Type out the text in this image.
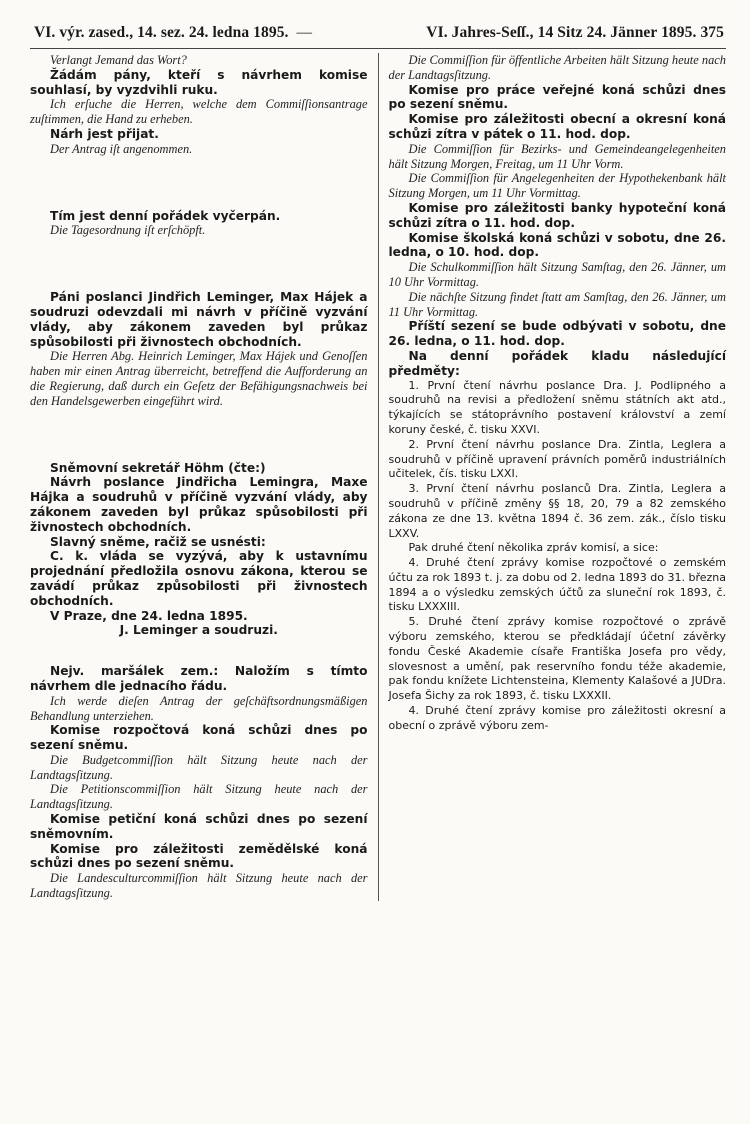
VI. výr. zased., 14. sez. 24. ledna 1895. —	VI. Jahres-Seſſ., 14 Sitz 24. Jänner 1895. 375

Verlangt Jemand das Wort?

Žádám pány, kteří s návrhem komise souhlasí, by vyzdvihli ruku.

Ich erſuche die Herren, welche dem Commiſſionsantrage zuſtimmen, die Hand zu erheben.

Nárh jest přijat.

Der Antrag iſt angenommen.

Tím jest denní pořádek vyčerpán.

Die Tagesordnung iſt erſchöpft.

Páni poslanci Jindřich Leminger, Max Hájek a soudruzi odevzdali mi návrh v příčině vyzvání vlády, aby zákonem zaveden byl průkaz spůsobilosti při živnostech obchodních.

Die Herren Abg. Heinrich Leminger, Max Hájek und Genoſſen haben mir einen Antrag überreicht, betreffend die Aufforderung an die Regierung, daß durch ein Geſetz der Befähigungsnachweis bei den Handelsgewerben eingeführt wird.

Sněmovní sekretář Höhm (čte:)

Návrh poslance Jindřicha Lemingra, Maxe Hájka a soudruhů v příčině vyzvání vlády, aby zákonem zaveden byl průkaz spůsobilosti při živnostech obchodních.

Slavný sněme, račiž se usnésti:

C. k. vláda se vyzývá, aby k ustavnímu projednání předložila osnovu zákona, kterou se zavádí průkaz způsobilosti při živnostech obchodních.

V Praze, dne 24. ledna 1895.

J. Leminger a soudruzi.

Nejv. maršálek zem.: Naložím s tímto návrhem dle jednacího řádu.

Ich werde dieſen Antrag der geſchäftsordnungsmäßigen Behandlung unterziehen.

Komise rozpočtová koná schůzi dnes po sezení sněmu.

Die Budgetcommiſſion hält Sitzung heute nach der Landtagsſitzung.

Die Petitionscommiſſion hält Sitzung heute nach der Landtagsſitzung.

Komise petiční koná schůzi dnes po sezení sněmovním.

Komise pro záležitosti zemědělské koná schůzi dnes po sezení sněmu.

Die Landesculturcommiſſion hält Sitzung heute nach der Landtagsſitzung.

Die Commiſſion für öffentliche Arbeiten hält Sitzung heute nach der Landtagsſitzung.

Komise pro práce veřejné koná schůzi dnes po sezení sněmu.

Komise pro záležitosti obecní a okresní koná schůzi zítra v pátek o 11. hod. dop.

Die Commiſſion für Bezirks- und Gemeindeangelegenheiten hält Sitzung Morgen, Freitag, um 11 Uhr Vorm.

Die Commiſſion für Angelegenheiten der Hypothekenbank hält Sitzung Morgen, um 11 Uhr Vormittag.

Komise pro záležitosti banky hypoteční koná schůzi zítra o 11. hod. dop.

Komise školská koná schůzi v sobotu, dne 26. ledna, o 10. hod. dop.

Die Schulkommiſſion hält Sitzung Samſtag, den 26. Jänner, um 10 Uhr Vormittag.

Die nächſte Sitzung findet ſtatt am Samſtag, den 26. Jänner, um 11 Uhr Vormittag.

Příští sezení se bude odbývati v sobotu, dne 26. ledna, o 11. hod. dop.

Na denní pořádek kladu následující předměty:

1. První čtení návrhu poslance Dra. J. Podlipného a soudruhů na revisi a předložení sněmu státních akt atd., týkajících se státoprávního postavení království a zemí koruny české, č. tisku XXVI.

2. První čtení návrhu poslance Dra. Zintla, Leglera a soudruhů v příčině upravení právních poměrů industriálních učitelek, čís. tisku LXXI.

3. První čtení návrhu poslanců Dra. Zintla, Leglera a soudruhů v příčině změny §§ 18, 20, 79 a 82 zemského zákona ze dne 13. května 1894 č. 36 zem. zák., číslo tisku LXXV.

Pak druhé čtení několika zpráv komisí, a sice:

4. Druhé čtení zprávy komise rozpočtové o zemském účtu za rok 1893 t. j. za dobu od 2. ledna 1893 do 31. března 1894 a o výsledku zemských účtů za sluneční rok 1893, č. tisku LXXXIII.

5. Druhé čtení zprávy komise rozpočtové o zprávě výboru zemského, kterou se předkládají účetní závěrky fondu České Akademie císaře Františka Josefa pro vědy, slovesnost a umění, pak reservního fondu téže akademie, pak fondu knížete Lichtensteina, Klementy Kalašové a JUDra. Josefa Šichy za rok 1893, č. tisku LXXXII.

4. Druhé čtení zprávy komise pro záležitosti okresní a obecní o zprávě výboru zem-
